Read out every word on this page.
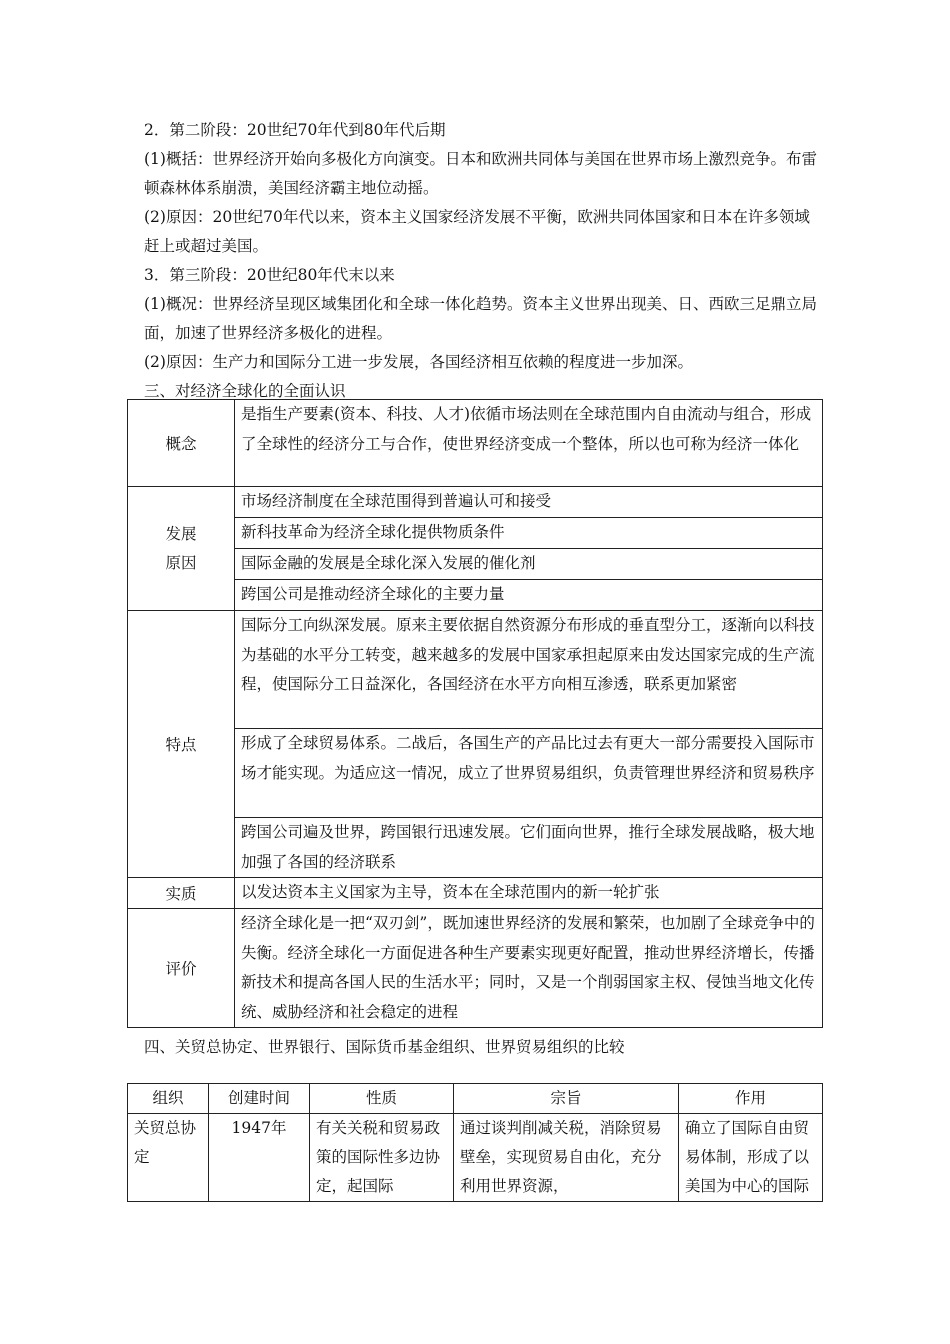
2．第二阶段：20世纪70年代到80年代后期

(1)概括：世界经济开始向多极化方向演变。日本和欧洲共同体与美国在世界市场上激烈竞争。布雷顿森林体系崩溃，美国经济霸主地位动摇。

(2)原因：20世纪70年代以来，资本主义国家经济发展不平衡，欧洲共同体国家和日本在许多领域赶上或超过美国。

3．第三阶段：20世纪80年代末以来

(1)概况：世界经济呈现区域集团化和全球一体化趋势。资本主义世界出现美、日、西欧三足鼎立局面，加速了世界经济多极化的进程。

(2)原因：生产力和国际分工进一步发展，各国经济相互依赖的程度进一步加深。

三、对经济全球化的全面认识

概念	是指生产要素(资本、科技、人才)依循市场法则在全球范围内自由流动与组合，形成了全球性的经济分工与合作，使世界经济变成一个整体，所以也可称为经济一体化

发展
原因	市场经济制度在全球范围得到普遍认可和接受

	新科技革命为经济全球化提供物质条件

	国际金融的发展是全球化深入发展的催化剂

	跨国公司是推动经济全球化的主要力量

特点	国际分工向纵深发展。原来主要依据自然资源分布形成的垂直型分工，逐渐向以科技为基础的水平分工转变，越来越多的发展中国家承担起原来由发达国家完成的生产流程，使国际分工日益深化，各国经济在水平方向相互渗透，联系更加紧密

	形成了全球贸易体系。二战后，各国生产的产品比过去有更大一部分需要投入国际市场才能实现。为适应这一情况，成立了世界贸易组织，负责管理世界经济和贸易秩序

	跨国公司遍及世界，跨国银行迅速发展。它们面向世界，推行全球发展战略，极大地加强了各国的经济联系

实质	以发达资本主义国家为主导，资本在全球范围内的新一轮扩张

评价	经济全球化是一把“双刃剑”，既加速世界经济的发展和繁荣，也加剧了全球竞争中的失衡。经济全球化一方面促进各种生产要素实现更好配置，推动世界经济增长，传播新技术和提高各国人民的生活水平；同时，又是一个削弱国家主权、侵蚀当地文化传统、威胁经济和社会稳定的进程

四、关贸总协定、世界银行、国际货币基金组织、世界贸易组织的比较

组织	创建时间	性质	宗旨	作用
关贸总协定	1947年	有关关税和贸易政策的国际性多边协定，起国际	通过谈判削减关税，消除贸易壁垒，实现贸易自由化，充分利用世界资源，	确立了国际自由贸易体制，形成了以美国为中心的国际
